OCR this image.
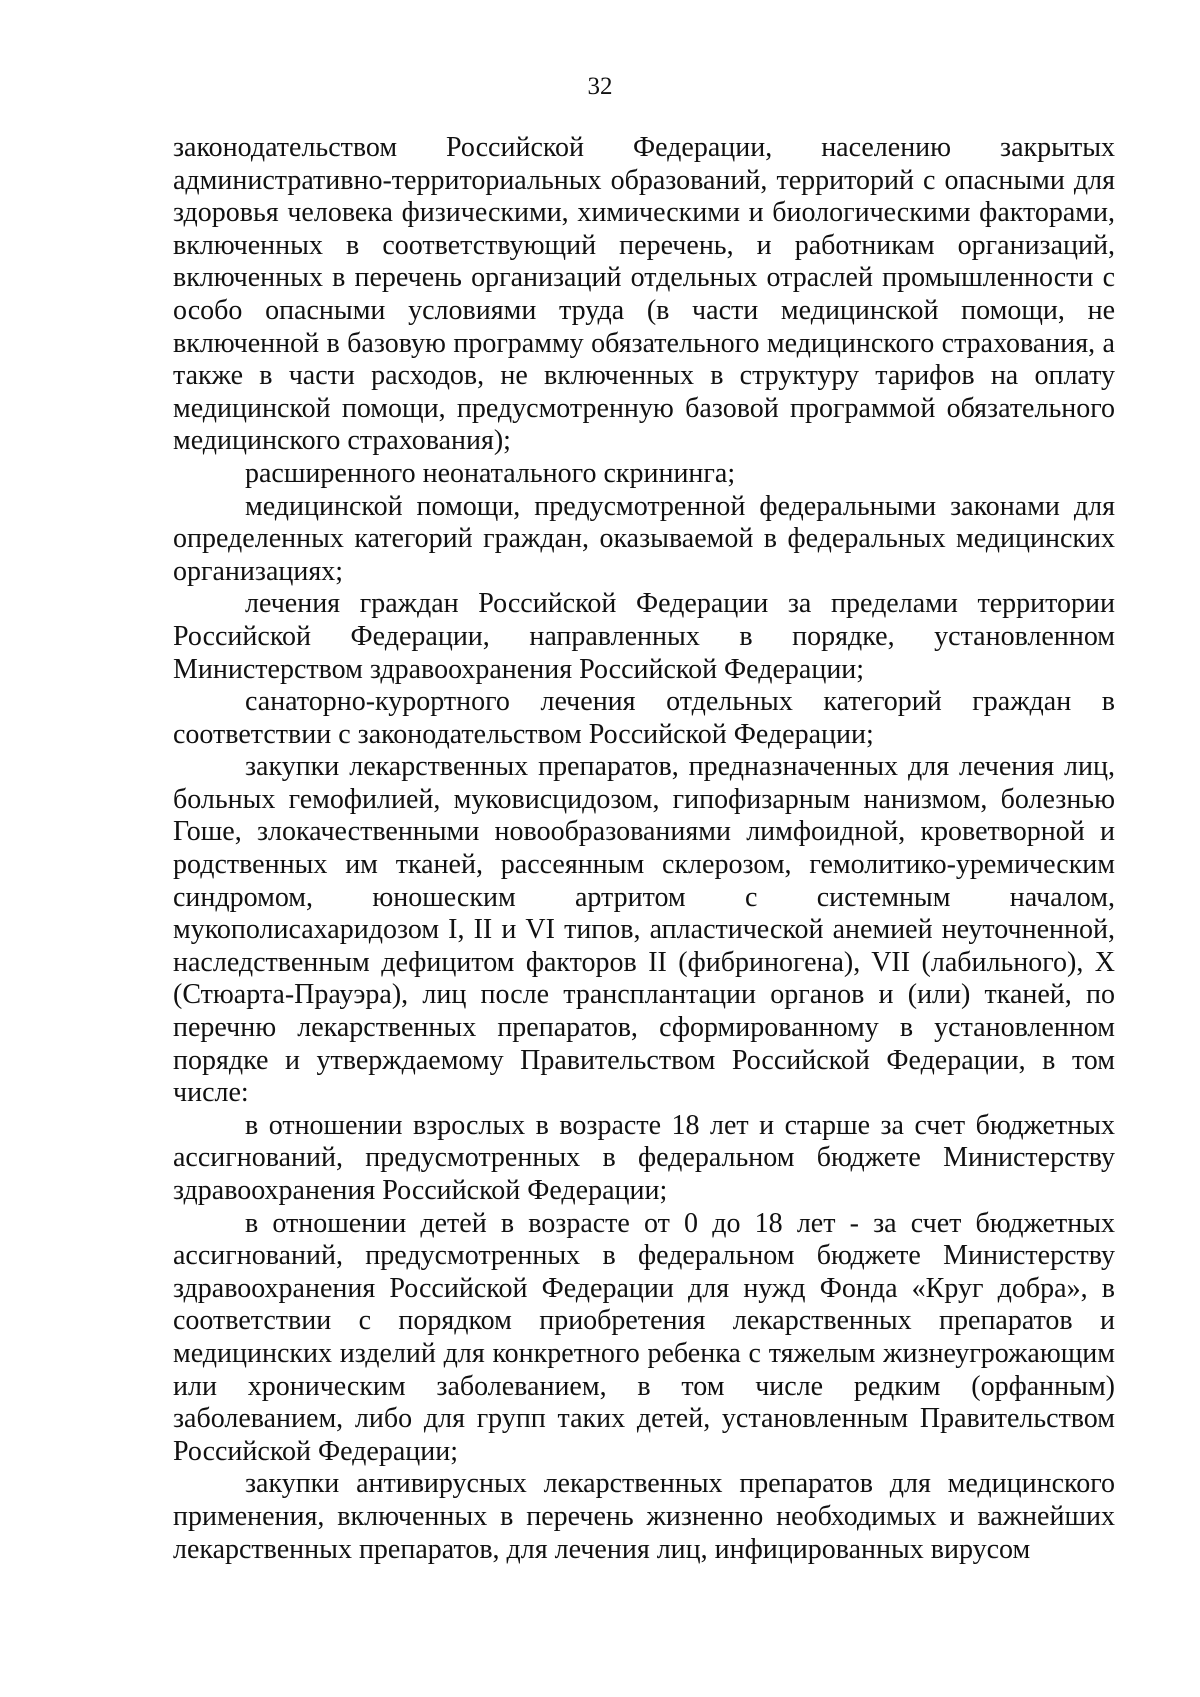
32

законодательством Российской Федерации, населению закрытых административно-территориальных образований, территорий с опасными для здоровья человека физическими, химическими и биологическими факторами, включенных в соответствующий перечень, и работникам организаций, включенных в перечень организаций отдельных отраслей промышленности с особо опасными условиями труда (в части медицинской помощи, не включенной в базовую программу обязательного медицинского страхования, а также в части расходов, не включенных в структуру тарифов на оплату медицинской помощи, предусмотренную базовой программой обязательного медицинского страхования);

расширенного неонатального скрининга;

медицинской помощи, предусмотренной федеральными законами для определенных категорий граждан, оказываемой в федеральных медицинских организациях;

лечения граждан Российской Федерации за пределами территории Российской Федерации, направленных в порядке, установленном Министерством здравоохранения Российской Федерации;

санаторно-курортного лечения отдельных категорий граждан в соответствии с законодательством Российской Федерации;

закупки лекарственных препаратов, предназначенных для лечения лиц, больных гемофилией, муковисцидозом, гипофизарным нанизмом, болезнью Гоше, злокачественными новообразованиями лимфоидной, кроветворной и родственных им тканей, рассеянным склерозом, гемолитико-уремическим синдромом, юношеским артритом с системным началом, мукополисахаридозом I, II и VI типов, апластической анемией неуточненной, наследственным дефицитом факторов II (фибриногена), VII (лабильного), X (Стюарта-Прауэра), лиц после трансплантации органов и (или) тканей, по перечню лекарственных препаратов, сформированному в установленном порядке и утверждаемому Правительством Российской Федерации, в том числе:

в отношении взрослых в возрасте 18 лет и старше за счет бюджетных ассигнований, предусмотренных в федеральном бюджете Министерству здравоохранения Российской Федерации;

в отношении детей в возрасте от 0 до 18 лет - за счет бюджетных ассигнований, предусмотренных в федеральном бюджете Министерству здравоохранения Российской Федерации для нужд Фонда «Круг добра», в соответствии с порядком приобретения лекарственных препаратов и медицинских изделий для конкретного ребенка с тяжелым жизнеугрожающим или хроническим заболеванием, в том числе редким (орфанным) заболеванием, либо для групп таких детей, установленным Правительством Российской Федерации;

закупки антивирусных лекарственных препаратов для медицинского применения, включенных в перечень жизненно необходимых и важнейших лекарственных препаратов, для лечения лиц, инфицированных вирусом
